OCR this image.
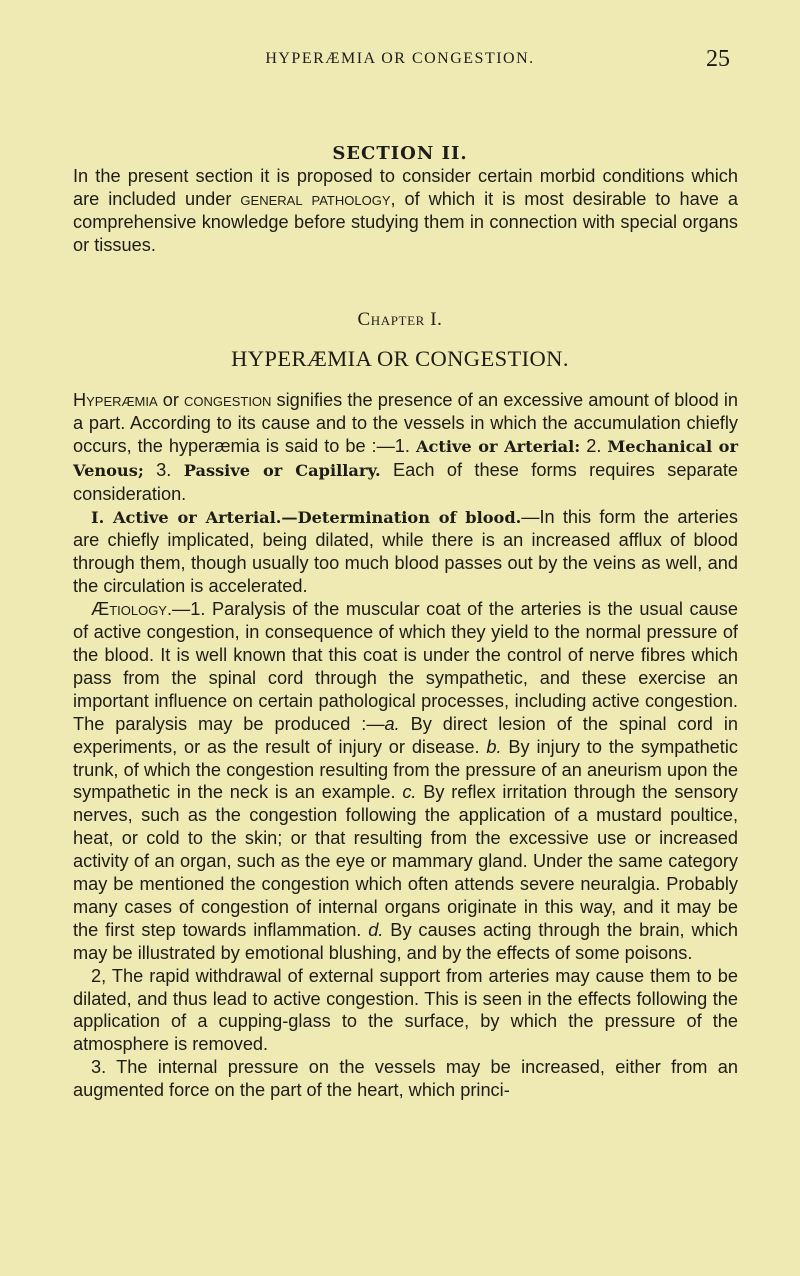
HYPERÆMIA OR CONGESTION.	25
SECTION II.

In the present section it is proposed to consider certain morbid conditions which are included under general pathology, of which it is most desirable to have a comprehensive knowledge before studying them in connection with special organs or tissues.

Chapter I.
HYPERÆMIA OR CONGESTION.

Hyperæmia or congestion signifies the presence of an excessive amount of blood in a part. According to its cause and to the vessels in which the accumulation chiefly occurs, the hyperæmia is said to be :—1. Active or Arterial: 2. Mechanical or Venous; 3. Passive or Capillary. Each of these forms requires separate consideration.

I. Active or Arterial.—Determination of blood.—In this form the arteries are chiefly implicated, being dilated, while there is an increased afflux of blood through them, though usually too much blood passes out by the veins as well, and the circulation is accelerated.

Ætiology.—1. Paralysis of the muscular coat of the arteries is the usual cause of active congestion, in consequence of which they yield to the normal pressure of the blood. It is well known that this coat is under the control of nerve fibres which pass from the spinal cord through the sympathetic, and these exercise an important influence on certain pathological processes, including active congestion. The paralysis may be produced :—a. By direct lesion of the spinal cord in experiments, or as the result of injury or disease. b. By injury to the sympathetic trunk, of which the congestion resulting from the pressure of an aneurism upon the sympathetic in the neck is an example. c. By reflex irritation through the sensory nerves, such as the congestion following the application of a mustard poultice, heat, or cold to the skin; or that resulting from the excessive use or increased activity of an organ, such as the eye or mammary gland. Under the same category may be mentioned the congestion which often attends severe neuralgia. Probably many cases of congestion of internal organs originate in this way, and it may be the first step towards inflammation. d. By causes acting through the brain, which may be illustrated by emotional blushing, and by the effects of some poisons.

2, The rapid withdrawal of external support from arteries may cause them to be dilated, and thus lead to active congestion. This is seen in the effects following the application of a cupping-glass to the surface, by which the pressure of the atmosphere is removed.

3. The internal pressure on the vessels may be increased, either from an augmented force on the part of the heart, which princi-
